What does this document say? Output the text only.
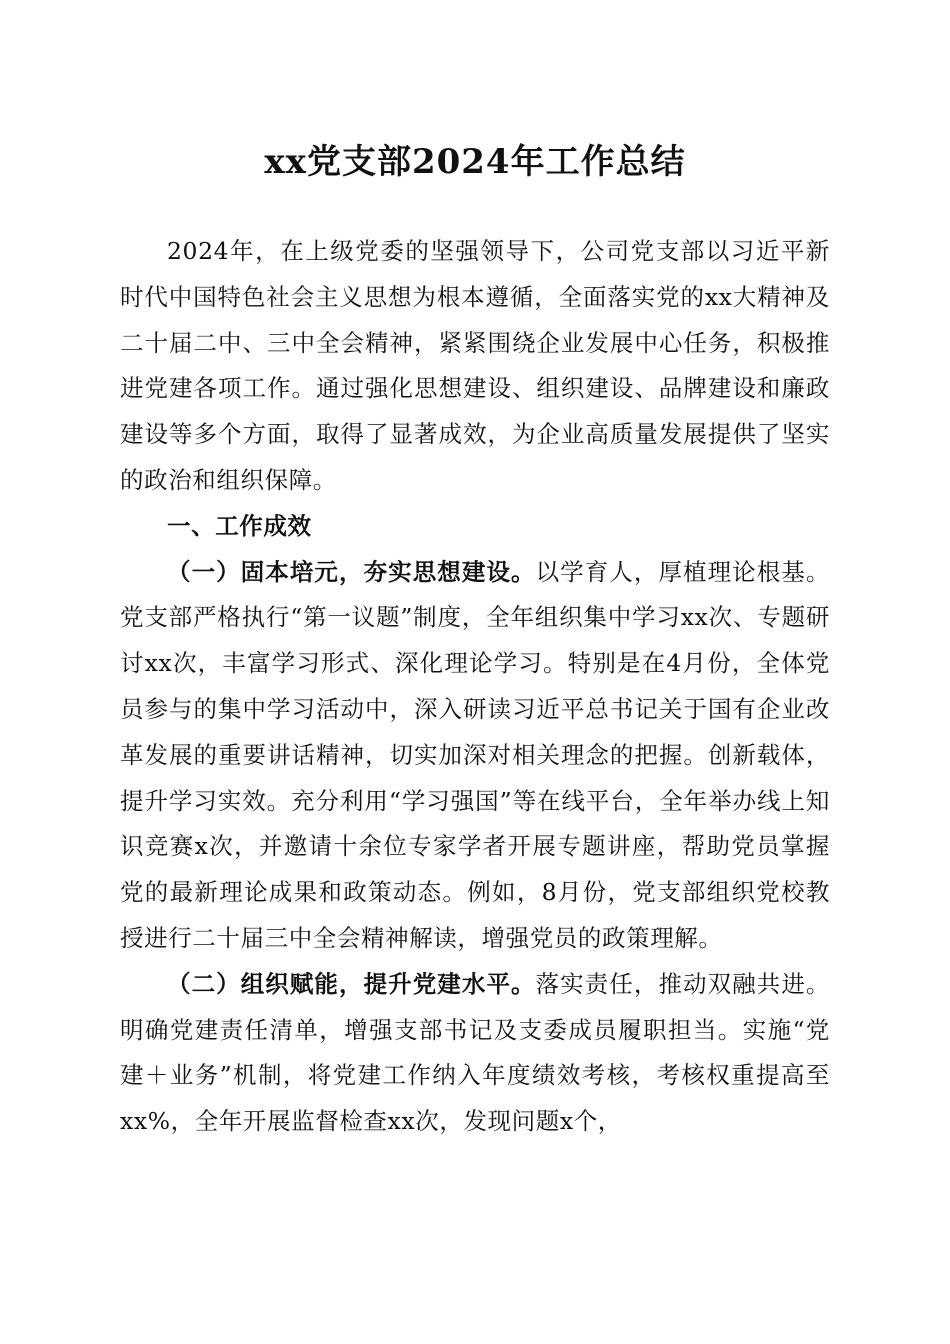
xx党支部2024年工作总结

2024年，在上级党委的坚强领导下，公司党支部以习近平新时代中国特色社会主义思想为根本遵循，全面落实党的xx大精神及二十届二中、三中全会精神，紧紧围绕企业发展中心任务，积极推进党建各项工作。通过强化思想建设、组织建设、品牌建设和廉政建设等多个方面，取得了显著成效，为企业高质量发展提供了坚实的政治和组织保障。

一、工作成效

（一）固本培元，夯实思想建设。以学育人，厚植理论根基。党支部严格执行“第一议题”制度，全年组织集中学习xx次、专题研讨xx次，丰富学习形式、深化理论学习。特别是在4月份，全体党员参与的集中学习活动中，深入研读习近平总书记关于国有企业改革发展的重要讲话精神，切实加深对相关理念的把握。创新载体，提升学习实效。充分利用“学习强国”等在线平台，全年举办线上知识竞赛x次，并邀请十余位专家学者开展专题讲座，帮助党员掌握党的最新理论成果和政策动态。例如，8月份，党支部组织党校教授进行二十届三中全会精神解读，增强党员的政策理解。

（二）组织赋能，提升党建水平。落实责任，推动双融共进。明确党建责任清单，增强支部书记及支委成员履职担当。实施“党建＋业务”机制，将党建工作纳入年度绩效考核，考核权重提高至xx%，全年开展监督检查xx次，发现问题x个，
